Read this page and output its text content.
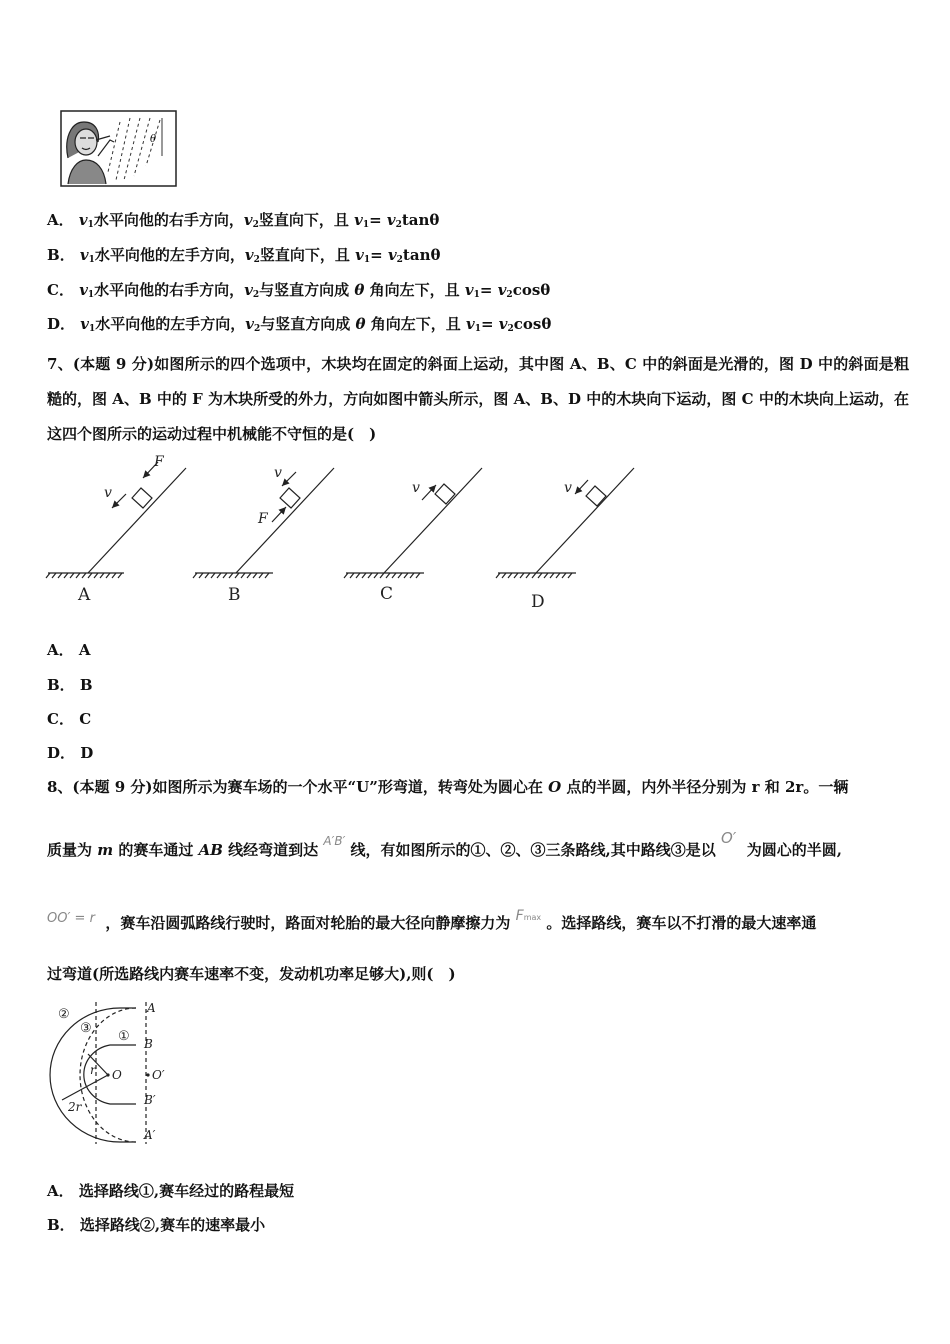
θ
A． $v_1$水平向他的右手方向，$v_2$竖直向下，且 $v_1= v_2\tan\theta$
B． $v_1$水平向他的左手方向，$v_2$竖直向下，且 $v_1= v_2\tan\theta$
C． $v_1$水平向他的右手方向，$v_2$与竖直方向成 θ 角向左下，且 $v_1= v_2\cos\theta$
D． $v_1$水平向他的左手方向，$v_2$与竖直方向成 θ 角向左下，且 $v_1= v_2\cos\theta$
7、(本题 9 分)如图所示的四个选项中，木块均在固定的斜面上运动，其中图 A、B、C 中的斜面是光滑的，图 D 中的斜面是粗糙的，图 A、B 中的 F 为木块所受的外力，方向如图中箭头所示，图 A、B、D 中的木块向下运动，图 C 中的木块向上运动，在这四个图所示的运动过程中机械能不守恒的是(　)
F
v
v
F
v	v
A	B	C	D
A． A
B． B
C． C
D． D
8、(本题 9 分)如图所示为赛车场的一个水平“U”形弯道，转弯处为圆心在 O 点的半圆，内外半径分别为 r 和 2r。一辆
质量为 m 的赛车通过 AB 线经弯道到达 $^{A'B'}$ 线，有如图所示的①、②、③三条路线,其中路线③是以 O′  为圆心的半圆,
OO′ = r ，赛车沿圆弧路线行驶时，路面对轮胎的最大径向静摩擦力为 Fmax 。选择路线，赛车以不打滑的最大速率通
过弯道(所选路线内赛车速率不变，发动机功率足够大),则(　)
A
B
O	O′
B′
A′
r
2r
②
③
①
A． 选择路线①,赛车经过的路程最短
B． 选择路线②,赛车的速率最小
